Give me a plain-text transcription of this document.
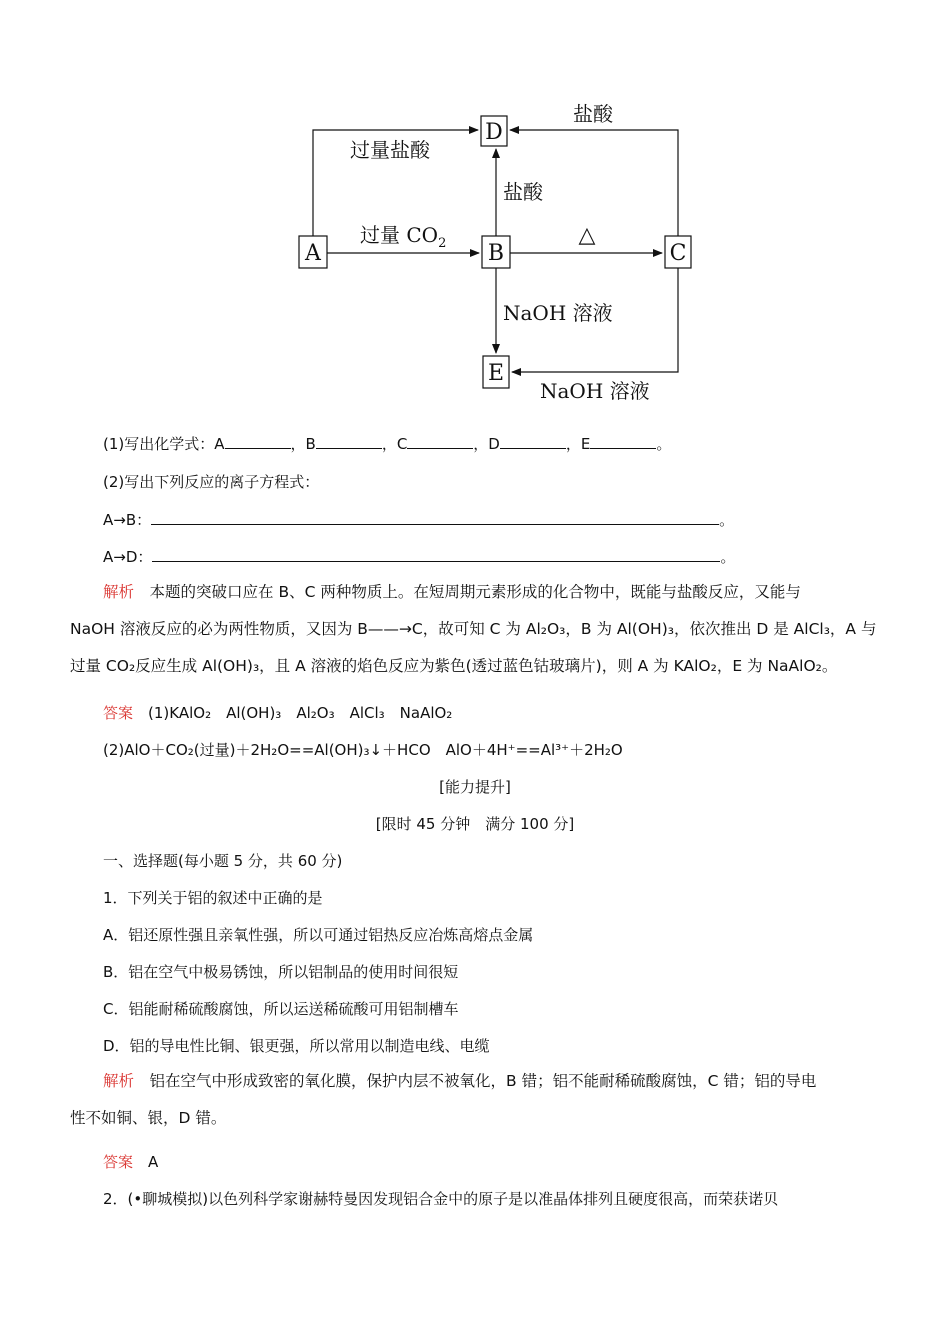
D
A	B	C
E
过量盐酸
盐酸
盐酸
过量 $CO_2$	△
NaOH 溶液
NaOH 溶液
(1)写出化学式：A	，B	，C	，D	，E	。
(2)写出下列反应的离子方程式：
A→B：	。
A→D：	。
解析　本题的突破口应在 B、C 两种物质上。在短周期元素形成的化合物中，既能与盐酸反应，又能与
NaOH 溶液反应的必为两性物质，又因为 B——→C，故可知 C 为 Al₂O₃，B 为 Al(OH)₃，依次推出 D 是 AlCl₃，A 与
过量 CO₂反应生成 Al(OH)₃，且 A 溶液的焰色反应为紫色(透过蓝色钴玻璃片)，则 A 为 KAlO₂，E 为 NaAlO₂。
答案　(1)KAlO₂　Al(OH)₃　Al₂O₃　AlCl₃　NaAlO₂
(2)AlO＋CO₂(过量)＋2H₂O==Al(OH)₃↓＋HCO　AlO＋4H⁺==Al³⁺＋2H₂O
[能力提升]
[限时 45 分钟　满分 100 分]
一、选择题(每小题 5 分，共 60 分)
1．下列关于铝的叙述中正确的是
A．铝还原性强且亲氧性强，所以可通过铝热反应冶炼高熔点金属
B．铝在空气中极易锈蚀，所以铝制品的使用时间很短
C．铝能耐稀硫酸腐蚀，所以运送稀硫酸可用铝制槽车
D．铝的导电性比铜、银更强，所以常用以制造电线、电缆
解析　铝在空气中形成致密的氧化膜，保护内层不被氧化，B 错；铝不能耐稀硫酸腐蚀，C 错；铝的导电
性不如铜、银，D 错。
答案　A
2．(•聊城模拟)以色列科学家谢赫特曼因发现铝合金中的原子是以准晶体排列且硬度很高，而荣获诺贝
